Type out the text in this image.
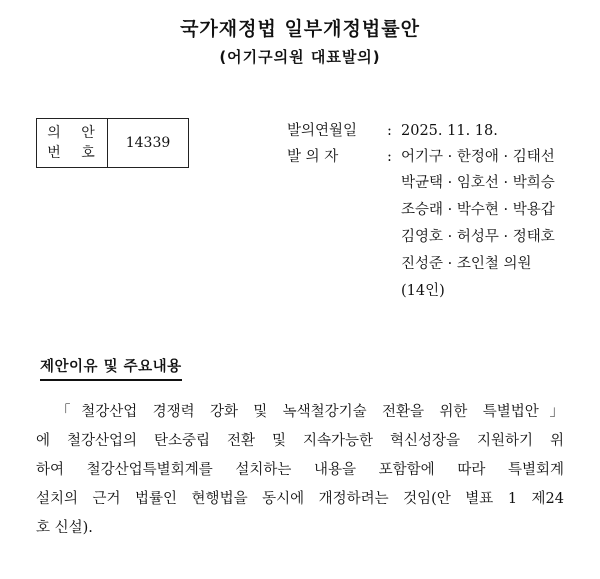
국가재정법 일부개정법률안
(어기구의원 대표발의)
의 안
번 호
	14339
발의연월일	: 2025. 11. 18.
발 의 자	: 어기구 · 한정애 · 김태선
박균택 · 임호선 · 박희승
조승래 · 박수현 · 박용갑
김영호 · 허성무 · 정태호
진성준 · 조인철 의원
(14인)
제안이유 및 주요내용
「철강산업 경쟁력 강화 및 녹색철강기술 전환을 위한 특별법안」
에 철강산업의 탄소중립 전환 및 지속가능한 혁신성장을 지원하기 위
하여 철강산업특별회계를 설치하는 내용을 포함함에 따라 특별회계
설치의 근거 법률인 현행법을 동시에 개정하려는 것임(안 별표 1 제24
호 신설).
